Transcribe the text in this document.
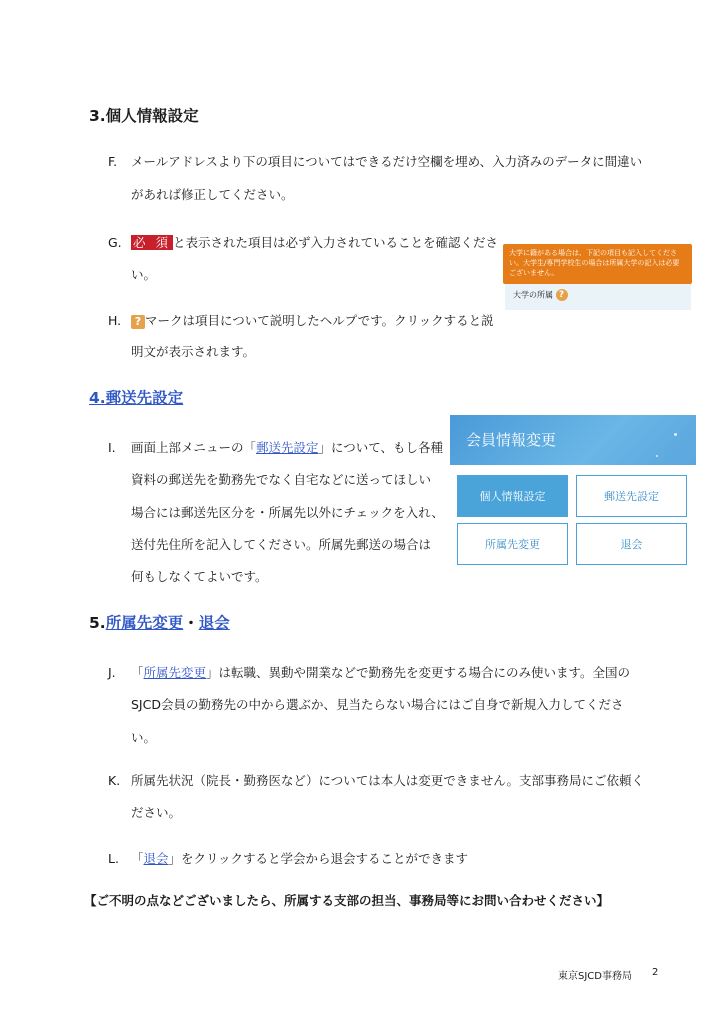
3.個人情報設定
F. メールアドレスより下の項目についてはできるだけ空欄を埋め、入力済みのデータに間違い
があれば修正してください。
G. 必 須 と表示された項目は必ず入力されていることを確認くださ
い。
H.	? マークは項目について説明したヘルプです。クリックすると説
明文が表示されます。
大学に籍がある場合は、下記の項目も記入してください。大学生/専門学校生の場合は所属大学の記入は必要ございません。
大学の所属 ?
4.郵送先設定
I. 画面上部メニューの「郵送先設定」について、もし各種
資料の郵送先を勤務先でなく自宅などに送ってほしい
場合には郵送先区分を・所属先以外にチェックを入れ、
送付先住所を記入してください。所属先郵送の場合は
何もしなくてよいです。
会員情報変更
個人情報設定	郵送先設定
所属先変更	退会
5.所属先変更・退会
J. 「所属先変更」は転職、異動や開業などで勤務先を変更する場合にのみ使います。全国の
SJCD会員の勤務先の中から選ぶか、見当たらない場合にはご自身で新規入力してくださ
い。
K. 所属先状況（院長・勤務医など）については本人は変更できません。支部事務局にご依頼く
ださい。
L. 「退会」をクリックすると学会から退会することができます
【ご不明の点などございましたら、所属する支部の担当、事務局等にお問い合わせください】
東京SJCD事務局 2
